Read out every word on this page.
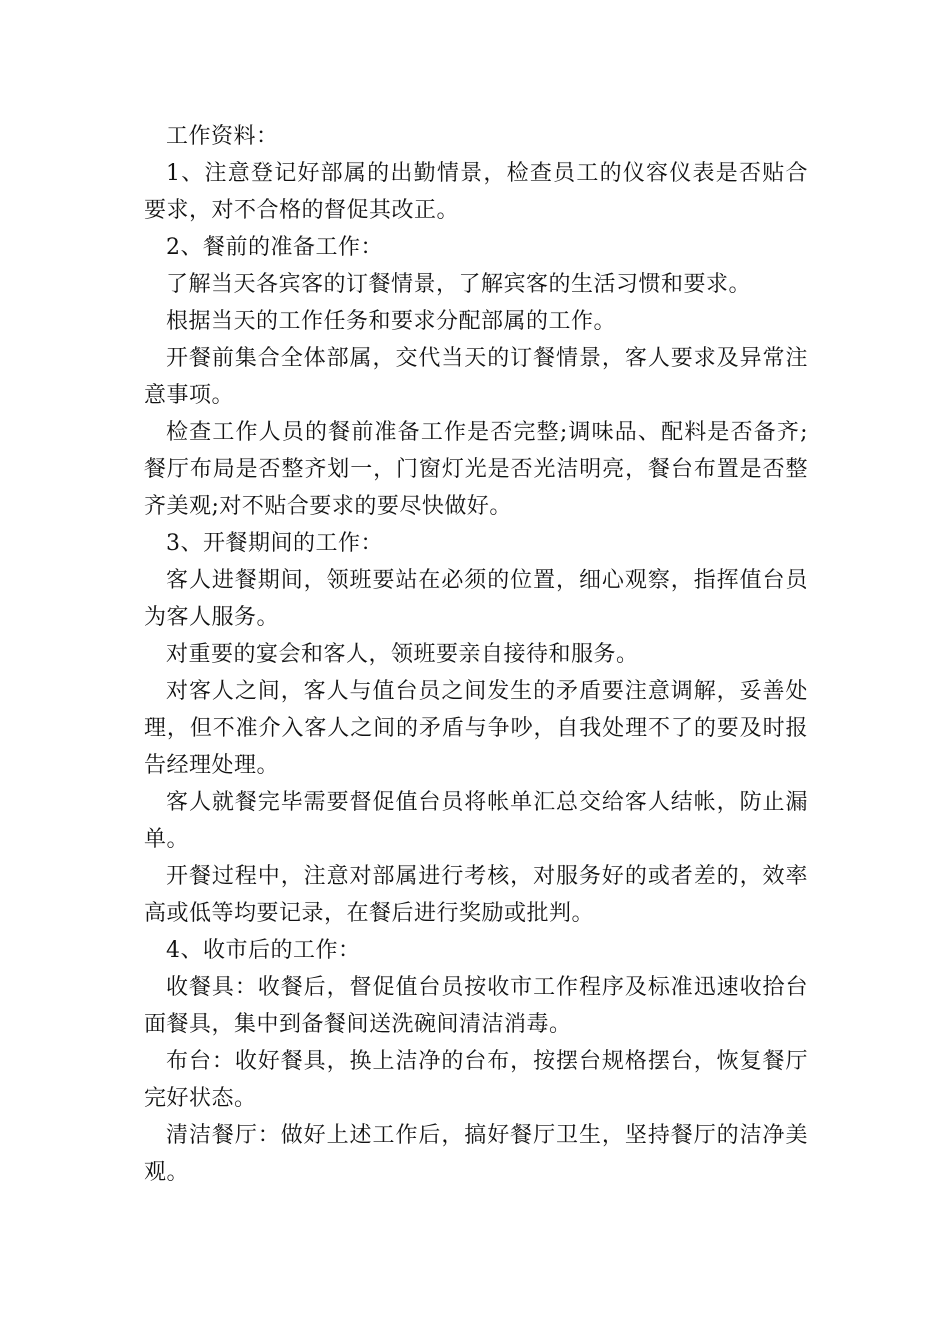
工作资料：

1、注意登记好部属的出勤情景，检查员工的仪容仪表是否贴合要求，对不合格的督促其改正。

2、餐前的准备工作：

了解当天各宾客的订餐情景，了解宾客的生活习惯和要求。

根据当天的工作任务和要求分配部属的工作。

开餐前集合全体部属，交代当天的订餐情景，客人要求及异常注意事项。

检查工作人员的餐前准备工作是否完整;调味品、配料是否备齐;餐厅布局是否整齐划一，门窗灯光是否光洁明亮，餐台布置是否整齐美观;对不贴合要求的要尽快做好。

3、开餐期间的工作：

客人进餐期间，领班要站在必须的位置，细心观察，指挥值台员为客人服务。

对重要的宴会和客人，领班要亲自接待和服务。

对客人之间，客人与值台员之间发生的矛盾要注意调解，妥善处理，但不准介入客人之间的矛盾与争吵，自我处理不了的要及时报告经理处理。

客人就餐完毕需要督促值台员将帐单汇总交给客人结帐，防止漏单。

开餐过程中，注意对部属进行考核，对服务好的或者差的，效率高或低等均要记录，在餐后进行奖励或批判。

4、收市后的工作：

收餐具：收餐后，督促值台员按收市工作程序及标准迅速收拾台面餐具，集中到备餐间送洗碗间清洁消毒。

布台：收好餐具，换上洁净的台布，按摆台规格摆台，恢复餐厅完好状态。

清洁餐厅：做好上述工作后，搞好餐厅卫生，坚持餐厅的洁净美观。
